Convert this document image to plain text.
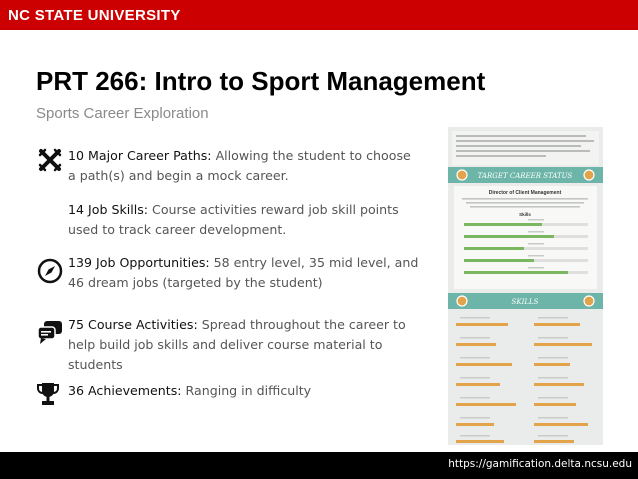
NC STATE UNIVERSITY
PRT 266: Intro to Sport Management
Sports Career Exploration
10 Major Career Paths: Allowing the student to choose a path(s) and begin a mock career.
14 Job Skills: Course activities reward job skill points used to track career development.
139 Job Opportunities: 58 entry level, 35 mid level, and 46 dream jobs (targeted by the student)
75 Course Activities: Spread throughout the career to help build job skills and deliver course material to students
36 Achievements: Ranging in difficulty
TARGET CAREER STATUS
Director of Client Management
Skills
SKILLS
https://gamification.delta.ncsu.edu
